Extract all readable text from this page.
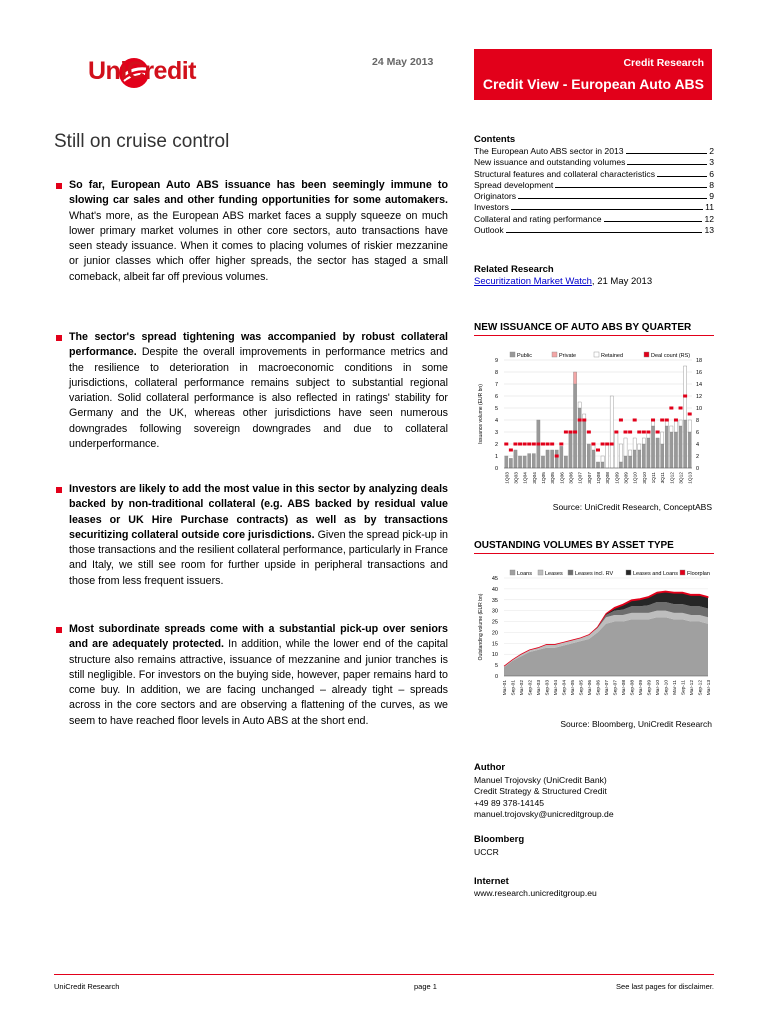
UniCredit	24 May 2013	Credit Research
Credit View - European Auto ABS
Still on cruise control
So far, European Auto ABS issuance has been seemingly immune to slowing car sales and other funding opportunities for some automakers. What's more, as the European ABS market faces a supply squeeze on much lower primary market volumes in other core sectors, auto transactions have seen steady issuance. When it comes to placing volumes of riskier mezzanine or junior classes which offer higher spreads, the sector has staged a small comeback, albeit far off previous volumes.
The sector's spread tightening was accompanied by robust collateral performance. Despite the overall improvements in performance metrics and the resilience to deterioration in macroeconomic conditions in some jurisdictions, collateral performance remains subject to substantial regional variation. Solid collateral performance is also reflected in ratings' stability for Germany and the UK, whereas other jurisdictions have seen numerous downgrades following sovereign downgrades and due to collateral underperformance.
Investors are likely to add the most value in this sector by analyzing deals backed by non-traditional collateral (e.g. ABS backed by residual value leases or UK Hire Purchase contracts) as well as by transactions securitizing collateral outside core jurisdictions. Given the spread pick-up in those transactions and the resilient collateral performance, particularly in France and Italy, we still see room for further upside in peripheral transactions and those from less frequent issuers.
Most subordinate spreads come with a substantial pick-up over seniors and are adequately protected. In addition, while the lower end of the capital structure also remains attractive, issuance of mezzanine and junior tranches is still negligible. For investors on the buying side, however, paper remains hard to come buy. In addition, we are facing unchanged – already tight – spreads across in the core sectors and are observing a flattening of the curves, as we seem to have reached floor levels in Auto ABS at the short end.
Contents
The European Auto ABS sector in 2013	2
New issuance and outstanding volumes	3
Structural features and collateral characteristics	6
Spread development	8
Originators	9
Investors	11
Collateral and rating performance	12
Outlook	13
Related Research
Securitization Market Watch, 21 May 2013
NEW ISSUANCE OF AUTO ABS BY QUARTER
Public	Private	Retained	Deal count (RS)
0
1
2
3
4
5
6
7
8
9
0
2
4
6
8
10
12
14
16
18
Issuance volume (EUR bn)
1Q03 3Q03 1Q04 3Q04 1Q05 3Q05 1Q06 3Q06 1Q07 3Q07 1Q08 3Q08 1Q09 3Q09 1Q10 3Q10 1Q11 3Q11 1Q12 3Q12 1Q13
Source: UniCredit Research, ConceptABS
OUSTANDING VOLUMES BY ASSET TYPE
Loans Leases Leases incl. RV	Leases and Loans Floorplan
0
5
10
15
20
25
30
35
40
45
Outstanding volume (EUR bn)
Mar-01 Sep-01 Mar-02 Sep-02 Mar-03 Sep-03 Mar-04 Sep-04 Mar-05 Sep-05 Mar-06 Sep-06 Mar-07 Sep-07 Mar-08 Sep-08 Mar-09 Sep-09 Mar-10 Sep-10 Mar-11 Sep-11 Mar-12 Sep-12 Mar-13
Source: Bloomberg, UniCredit Research
Author
Manuel Trojovsky (UniCredit Bank)
Credit Strategy & Structured Credit
+49 89 378-14145
manuel.trojovsky@unicreditgroup.de
Bloomberg
UCCR
Internet
www.research.unicreditgroup.eu
UniCredit Research	page 1	See last pages for disclaimer.
